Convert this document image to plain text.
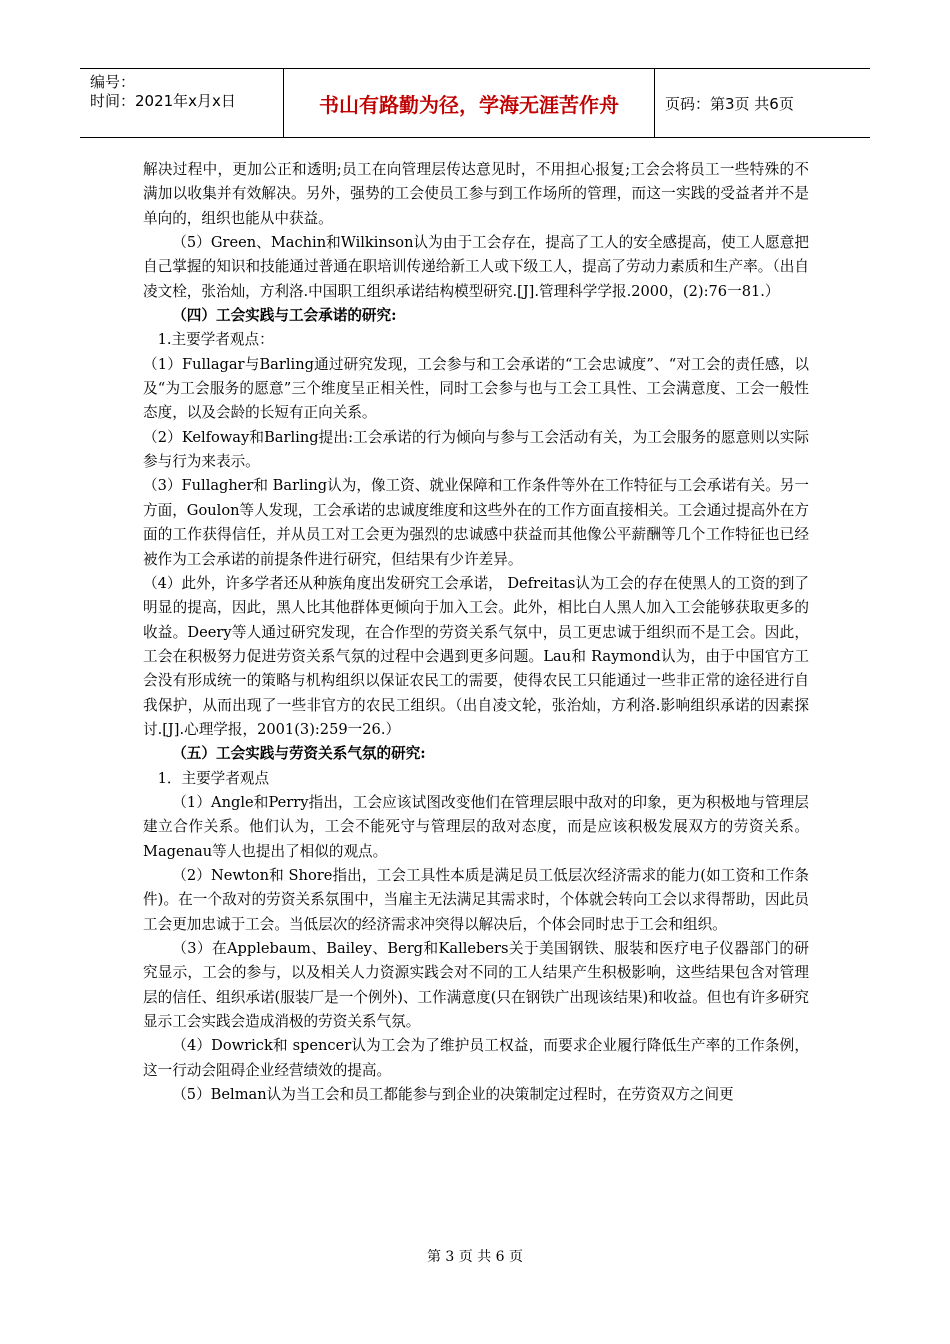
编号：
时间：2021年x月x日	书山有路勤为径，学海无涯苦作舟	页码：第3页 共6页

解决过程中，更加公正和透明;员工在向管理层传达意见时，不用担心报复;工会会将员工一些特殊的不满加以收集并有效解决。另外，强势的工会使员工参与到工作场所的管理，而这一实践的受益者并不是单向的，组织也能从中获益。

（5）Green、Machin和Wilkinson认为由于工会存在，提高了工人的安全感提高，使工人愿意把自己掌握的知识和技能通过普通在职培训传递给新工人或下级工人，提高了劳动力素质和生产率。（出自凌文栓，张治灿，方利洛.中国职工组织承诺结构模型研究.[J].管理科学学报.2000，(2):76一81.）

（四）工会实践与工会承诺的研究:

1.主要学者观点：

（1）Fullagar与Barling通过研究发现，工会参与和工会承诺的“工会忠诚度”、“对工会的责任感，以及“为工会服务的愿意”三个维度呈正相关性，同时工会参与也与工会工具性、工会满意度、工会一般性态度，以及会龄的长短有正向关系。

（2）Kelfoway和Barling提出:工会承诺的行为倾向与参与工会活动有关，为工会服务的愿意则以实际参与行为来表示。

（3）Fullagher和 Barling认为，像工资、就业保障和工作条件等外在工作特征与工会承诺有关。另一方面，Goulon等人发现，工会承诺的忠诚度维度和这些外在的工作方面直接相关。工会通过提高外在方面的工作获得信任，并从员工对工会更为强烈的忠诚感中获益而其他像公平薪酬等几个工作特征也已经被作为工会承诺的前提条件进行研究，但结果有少许差异。

（4）此外，许多学者还从种族角度出发研究工会承诺， Defreitas认为工会的存在使黑人的工资的到了明显的提高，因此，黑人比其他群体更倾向于加入工会。此外，相比白人黑人加入工会能够获取更多的收益。Deery等人通过研究发现，在合作型的劳资关系气氛中，员工更忠诚于组织而不是工会。因此，工会在积极努力促进劳资关系气氛的过程中会遇到更多问题。Lau和 Raymond认为，由于中国官方工会没有形成统一的策略与机构组织以保证农民工的需要，使得农民工只能通过一些非正常的途径进行自我保护，从而出现了一些非官方的农民工组织。（出自凌文轮，张治灿，方利洛.影响组织承诺的因素探讨.[J].心理学报，2001(3):259一26.）

（五）工会实践与劳资关系气氛的研究:

1．主要学者观点

（1）Angle和Perry指出，工会应该试图改变他们在管理层眼中敌对的印象，更为积极地与管理层建立合作关系。他们认为，工会不能死守与管理层的敌对态度，而是应该积极发展双方的劳资关系。Magenau等人也提出了相似的观点。

（2）Newton和 Shore指出，工会工具性本质是满足员工低层次经济需求的能力(如工资和工作条件)。在一个敌对的劳资关系氛围中，当雇主无法满足其需求时，个体就会转向工会以求得帮助，因此员工会更加忠诚于工会。当低层次的经济需求冲突得以解决后，个体会同时忠于工会和组织。

（3）在Applebaum、Bailey、Berg和Kallebers关于美国钢铁、服装和医疗电子仪器部门的研究显示，工会的参与，以及相关人力资源实践会对不同的工人结果产生积极影响，这些结果包含对管理层的信任、组织承诺(服装厂是一个例外)、工作满意度(只在钢铁广出现该结果)和收益。但也有许多研究显示工会实践会造成消极的劳资关系气氛。

（4）Dowrick和 spencer认为工会为了维护员工权益，而要求企业履行降低生产率的工作条例，这一行动会阻碍企业经营绩效的提高。

（5）Belman认为当工会和员工都能参与到企业的决策制定过程时，在劳资双方之间更

第 3 页 共 6 页
